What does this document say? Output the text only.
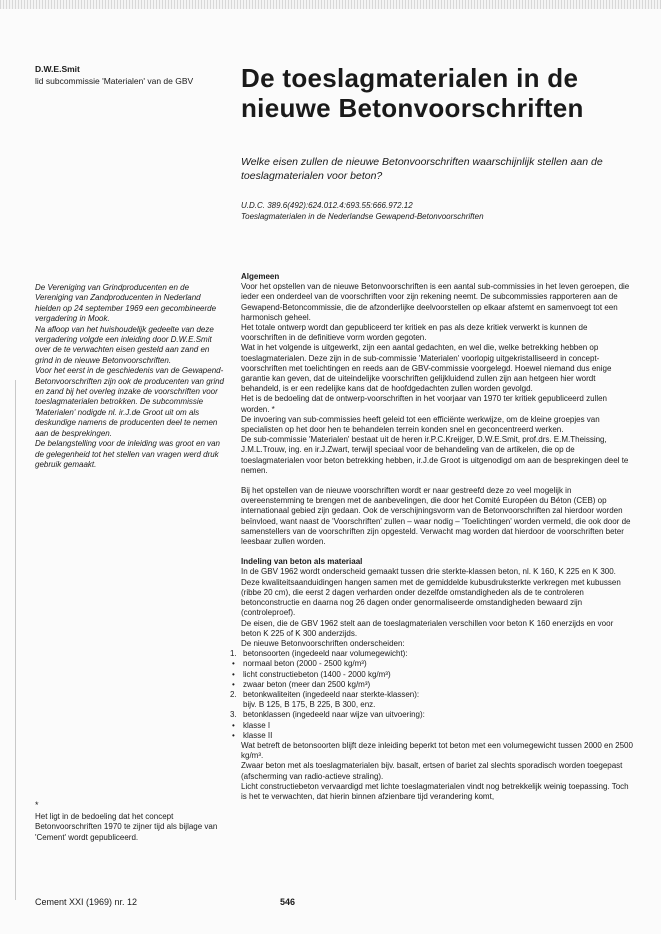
D.W.E.Smit
lid subcommissie 'Materialen' van de GBV De toeslagmaterialen in de nieuwe Betonvoorschriften
Welke eisen zullen de nieuwe Betonvoorschriften waarschijnlijk stellen aan de toeslagmaterialen voor beton?
U.D.C. 389.6(492):624.012.4:693.55:666.972.12
Toeslagmaterialen in de Nederlandse Gewapend-Betonvoorschriften

De Vereniging van Grindproducenten en de Vereniging van Zandproducenten in Nederland hielden op 24 september 1969 een gecombineerde vergadering in Mook.

Na afloop van het huishoudelijk gedeelte van deze vergadering volgde een inleiding door D.W.E.Smit over de te verwachten eisen gesteld aan zand en grind in de nieuwe Betonvoorschriften.

Voor het eerst in de geschiedenis van de Gewapend-Betonvoorschriften zijn ook de producenten van grind en zand bij het overleg inzake de voorschriften voor toeslagmaterialen betrokken. De subcommissie 'Materialen' nodigde nl. ir.J.de Groot uit om als deskundige namens de producenten deel te nemen aan de besprekingen.

De belangstelling voor de inleiding was groot en van de gelegenheid tot het stellen van vragen werd druk gebruik gemaakt.

Algemeen

Voor het opstellen van de nieuwe Betonvoorschriften is een aantal sub-commissies in het leven geroepen, die ieder een onderdeel van de voorschriften voor zijn rekening neemt. De subcommissies rapporteren aan de Gewapend-Betoncommissie, die de afzonderlijke deelvoorstellen op elkaar afstemt en samenvoegt tot een harmonisch geheel.

Het totale ontwerp wordt dan gepubliceerd ter kritiek en pas als deze kritiek verwerkt is kunnen de voorschriften in de definitieve vorm worden gegoten.

Wat in het volgende is uitgewerkt, zijn een aantal gedachten, en wel die, welke betrekking hebben op toeslagmaterialen. Deze zijn in de sub-commissie 'Materialen' voorlopig uitgekristalliseerd in concept-voorschriften met toelichtingen en reeds aan de GBV-commissie voorgelegd. Hoewel niemand dus enige garantie kan geven, dat de uiteindelijke voorschriften gelijkluidend zullen zijn aan hetgeen hier wordt behandeld, is er een redelijke kans dat de hoofdgedachten zullen worden gevolgd.

Het is de bedoeling dat de ontwerp-voorschriften in het voorjaar van 1970 ter kritiek gepubliceerd zullen worden. *

De invoering van sub-commissies heeft geleid tot een efficiënte werkwijze, om de kleine groepjes van specialisten op het door hen te behandelen terrein konden snel en geconcentreerd werken.

De sub-commissie 'Materialen' bestaat uit de heren ir.P.C.Kreijger, D.W.E.Smit, prof.drs. E.M.Theissing, J.M.L.Trouw, ing. en ir.J.Zwart, terwijl speciaal voor de behandeling van de artikelen, die op de toeslagmaterialen voor beton betrekking hebben, ir.J.de Groot is uitgenodigd om aan de besprekingen deel te nemen.

Bij het opstellen van de nieuwe voorschriften wordt er naar gestreefd deze zo veel mogelijk in overeenstemming te brengen met de aanbevelingen, die door het Comité Européen du Béton (CEB) op internationaal gebied zijn gedaan. Ook de verschijningsvorm van de Betonvoorschriften zal hierdoor worden beïnvloed, want naast de 'Voorschriften' zullen – waar nodig – 'Toelichtingen' worden vermeld, die ook door de samenstellers van de voorschriften zijn opgesteld. Verwacht mag worden dat hierdoor de voorschriften beter leesbaar zullen worden.

Indeling van beton als materiaal

In de GBV 1962 wordt onderscheid gemaakt tussen drie sterkte-klassen beton, nl. K 160, K 225 en K 300. Deze kwaliteitsaanduidingen hangen samen met de gemiddelde kubusdruksterkte verkregen met kubussen (ribbe 20 cm), die eerst 2 dagen verharden onder dezelfde omstandigheden als de te controleren betonconstructie en daarna nog 26 dagen onder genormaliseerde omstandigheden bewaard zijn (controleproef).

De eisen, die de GBV 1962 stelt aan de toeslagmaterialen verschillen voor beton K 160 enerzijds en voor beton K 225 of K 300 anderzijds.

De nieuwe Betonvoorschriften onderscheiden:

1. betonsoorten (ingedeeld naar volumegewicht):
• normaal beton (2000 - 2500 kg/m³)
• licht constructiebeton (1400 - 2000 kg/m³)
• zwaar beton (meer dan 2500 kg/m³)
2. betonkwaliteiten (ingedeeld naar sterkte-klassen):
bijv. B 125, B 175, B 225, B 300, enz.
3. betonklassen (ingedeeld naar wijze van uitvoering):
• klasse I
• klasse II

Wat betreft de betonsoorten blijft deze inleiding beperkt tot beton met een volumegewicht tussen 2000 en 2500 kg/m³.

Zwaar beton met als toeslagmaterialen bijv. basalt, ertsen of bariet zal slechts sporadisch worden toegepast (afscherming van radio-actieve straling).

Licht constructiebeton vervaardigd met lichte toeslagmaterialen vindt nog betrekkelijk weinig toepassing. Toch is het te verwachten, dat hierin binnen afzienbare tijd verandering komt,

*
Het ligt in de bedoeling dat het concept Betonvoorschriften 1970 te zijner tijd als bijlage van 'Cement' wordt gepubliceerd.
Cement XXI (1969) nr. 12	546
